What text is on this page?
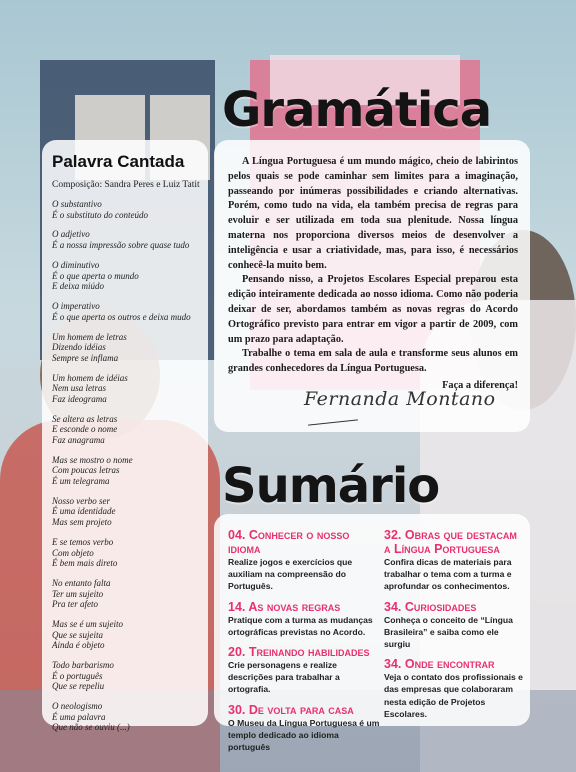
Gramática
Sumário
Palavra Cantada
Composição: Sandra Peres e Luiz Tatit
O substantivo
É o substituto do conteúdo
O adjetivo
É a nossa impressão sobre quase tudo
O diminutivo
É o que aperta o mundo
E deixa miúdo
O imperativo
É o que aperta os outros e deixa mudo
Um homem de letras
Dizendo idéias
Sempre se inflama
Um homem de idéias
Nem usa letras
Faz ideograma
Se altera as letras
E esconde o nome
Faz anagrama
Mas se mostro o nome
Com poucas letras
É um telegrama
Nosso verbo ser
É uma identidade
Mas sem projeto
E se temos verbo
Com objeto
É bem mais direto
No entanto falta
Ter um sujeito
Pra ter afeto
Mas se é um sujeito
Que se sujeita
Ainda é objeto
Todo barbarismo
É o português
Que se repeliu
O neologismo
É uma palavra
Que não se ouviu (...)

A Língua Portuguesa é um mundo mágico, cheio de labirintos pelos quais se pode caminhar sem limites para a imaginação, passeando por inúmeras possibilidades e criando alternativas. Porém, como tudo na vida, ela também precisa de regras para evoluir e ser utilizada em toda sua plenitude. Nossa língua materna nos proporciona diversos meios de desenvolver a inteligência e usar a criatividade, mas, para isso, é necessários conhecê-la muito bem.

Pensando nisso, a Projetos Escolares Especial preparou esta edição inteiramente dedicada ao nosso idioma. Como não poderia deixar de ser, abordamos também as novas regras do Acordo Ortográfico previsto para entrar em vigor a partir de 2009, com um prazo para adaptação.

Trabalhe o tema em sala de aula e transforme seus alunos em grandes conhecedores da Língua Portuguesa.

Faça a diferença!

Fernanda Montano
04. Conhecer o nosso idioma
Realize jogos e exercícios que auxiliam na compreensão do Português.
14. As novas regras
Pratique com a turma as mudanças ortográficas previstas no Acordo.
20. Treinando habilidades
Crie personagens e realize descrições para trabalhar a ortografia.
30. De volta para casa
O Museu da Língua Portuguesa é um templo dedicado ao idioma português
32. Obras que destacam a Língua Portuguesa
Confira dicas de materiais para trabalhar o tema com a turma e aprofundar os conhecimentos.
34. Curiosidades
Conheça o conceito de “Língua Brasileira” e saiba como ele surgiu
34. Onde encontrar
Veja o contato dos profissionais e das empresas que colaboraram nesta edição de Projetos Escolares.
